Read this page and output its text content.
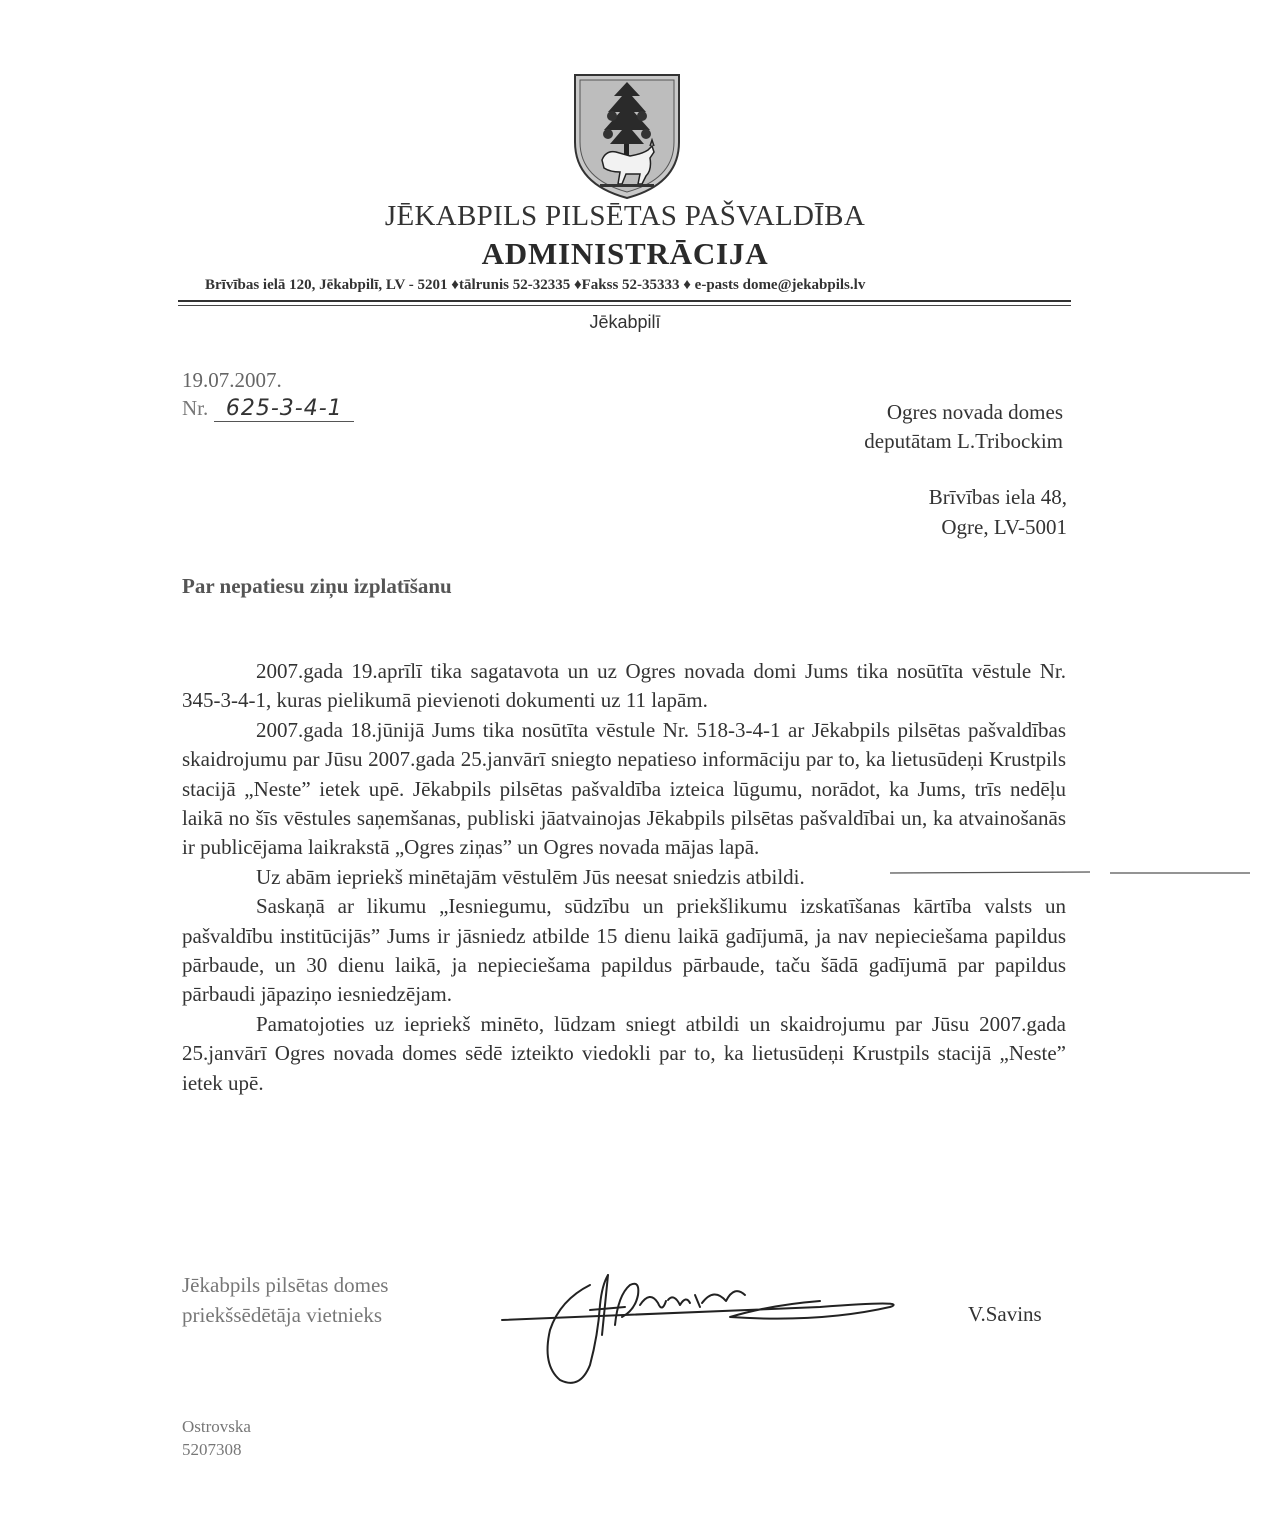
JĒKABPILS PILSĒTAS PAŠVALDĪBA
ADMINISTRĀCIJA
Brīvības ielā 120, Jēkabpilī, LV - 5201 ♦tālrunis 52-32335 ♦Fakss 52-35333 ♦ e-pasts dome@jekabpils.lv
Jēkabpilī
19.07.2007.
Nr. 625-3-4-1	Ogres novada domes
deputātam L.Tribockim
Brīvības iela 48,
Ogre, LV-5001
Par nepatiesu ziņu izplatīšanu

2007.gada 19.aprīlī tika sagatavota un uz Ogres novada domi Jums tika nosūtīta vēstule Nr. 345-3-4-1, kuras pielikumā pievienoti dokumenti uz 11 lapām.

2007.gada 18.jūnijā Jums tika nosūtīta vēstule Nr. 518-3-4-1 ar Jēkabpils pilsētas pašvaldības skaidrojumu par Jūsu 2007.gada 25.janvārī sniegto nepatieso informāciju par to, ka lietusūdeņi Krustpils stacijā „Neste” ietek upē. Jēkabpils pilsētas pašvaldība izteica lūgumu, norādot, ka Jums, trīs nedēļu laikā no šīs vēstules saņemšanas, publiski jāatvainojas Jēkabpils pilsētas pašvaldībai un, ka atvainošanās ir publicējama laikrakstā „Ogres ziņas” un Ogres novada mājas lapā.

Uz abām iepriekš minētajām vēstulēm Jūs neesat sniedzis atbildi.

Saskaņā ar likumu „Iesniegumu, sūdzību un priekšlikumu izskatīšanas kārtība valsts un pašvaldību institūcijās” Jums ir jāsniedz atbilde 15 dienu laikā gadījumā, ja nav nepieciešama papildus pārbaude, un 30 dienu laikā, ja nepieciešama papildus pārbaude, taču šādā gadījumā par papildus pārbaudi jāpaziņo iesniedzējam.

Pamatojoties uz iepriekš minēto, lūdzam sniegt atbildi un skaidrojumu par Jūsu 2007.gada 25.janvārī Ogres novada domes sēdē izteikto viedokli par to, ka lietusūdeņi Krustpils stacijā „Neste” ietek upē.

Jēkabpils pilsētas domes
priekšsēdētāja vietnieks	V.Savins
Ostrovska
5207308
